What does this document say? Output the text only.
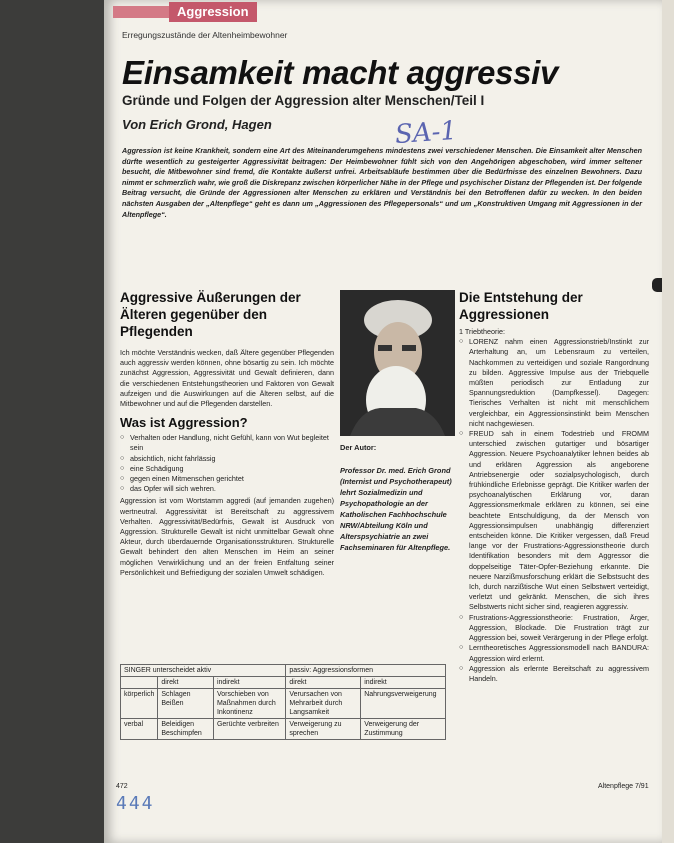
Aggression

Erregungszustände der Altenheimbewohner

Einsamkeit macht aggressiv

Gründe und Folgen der Aggression alter Menschen/Teil I

Von Erich Grond, Hagen	SA-1

Aggression ist keine Krankheit, sondern eine Art des Miteinanderumgehens mindestens zwei verschiedener Menschen. Die Einsamkeit alter Menschen dürfte wesentlich zu gesteigerter Aggressivität beitragen: Der Heimbewohner fühlt sich von den Angehörigen abgeschoben, wird immer seltener besucht, die Mitbewohner sind fremd, die Kontakte äußerst unfrei. Arbeitsabläufe bestimmen über die Bedürfnisse des einzelnen Bewohners. Dazu nimmt er schmerzlich wahr, wie groß die Diskrepanz zwischen körperlicher Nähe in der Pflege und psychischer Distanz der Pflegenden ist. Der folgende Beitrag versucht, die Gründe der Aggressionen alter Menschen zu erklären und Verständnis bei den Betroffenen dafür zu wecken. In den beiden nächsten Ausgaben der „Altenpflege“ geht es dann um „Aggressionen des Pflegepersonals“ und um „Konstruktiven Umgang mit Aggressionen in der Altenpflege“.

Aggressive Äußerungen der Älteren gegenüber den Pflegenden

Ich möchte Verständnis wecken, daß Ältere gegenüber Pflegenden auch aggressiv werden können, ohne bösartig zu sein. Ich möchte zunächst Aggression, Aggressivität und Gewalt definieren, dann die verschiedenen Entstehungstheorien und Faktoren von Gewalt aufzeigen und die Auswirkungen auf die Älteren selbst, auf die Mitbewohner und auf die Pflegenden darstellen.

Was ist Aggression?
○ Verhalten oder Handlung, nicht Gefühl, kann von Wut begleitet sein
○ absichtlich, nicht fahrlässig
○ eine Schädigung
○ gegen einen Mitmenschen gerichtet
○ das Opfer will sich wehren.

Aggression ist vom Wortstamm aggredi (auf jemanden zugehen) wertneutral. Aggressivität ist Bereitschaft zu aggressivem Verhalten. Aggressivität/Bedürfnis, Gewalt ist Ausdruck von Aggression. Strukturelle Gewalt ist nicht unmittelbar Gewalt ohne Akteur, durch überdauernde Organisationsstrukturen. Strukturelle Gewalt behindert den alten Menschen im Heim an seiner möglichen Verwirklichung und an der freien Entfaltung seiner Persönlichkeit und Befriedigung der sozialen Umwelt schädigen.

Der Autor:
Professor Dr. med. Erich Grond (Internist und Psychotherapeut) lehrt Sozialmedizin und Psychopathologie an der Katholischen Fachhochschule NRW/Abteilung Köln und Alterspsychiatrie an zwei Fachseminaren für Altenpflege.

Die Entstehung der Aggressionen
1 Triebtheorie:
○ LORENZ nahm einen Aggressionstrieb/Instinkt zur Arterhaltung an, um Lebensraum zu verteilen, Nachkommen zu verteidigen und soziale Rangordnung zu bilden. Aggressive Impulse aus der Triebquelle müßten periodisch zur Entladung zur Spannungsreduktion (Dampfkessel). Dagegen: Tierisches Verhalten ist nicht mit menschlichem vergleichbar, ein Aggressionsinstinkt beim Menschen nicht nachgewiesen.
○ FREUD sah in einem Todestrieb und FROMM unterschied zwischen gutartiger und bösartiger Aggression. Neuere Psychoanalytiker lehnen beides ab und erklären Aggression als angeborene Antriebsenergie oder sozialpsychologisch, durch frühkindliche Erlebnisse geprägt. Die Kritiker warfen der psychoanalytischen Erklärung vor, daran Aggressionsmerkmale erklären zu können, sei eine beachtete Entschuldigung, da der Mensch von Aggressionsimpulsen unabhängig differenziert entscheiden könne. Die Kritiker vergessen, daß Freud lange vor der Frustrations-Aggressionstheorie durch Identifikation besonders mit dem Aggressor die doppelseitige Täter-Opfer-Beziehung erkannte. Die neuere Narzißmusforschung erklärt die Selbstsucht des Ich, durch narzißtische Wut einen Selbstwert verteidigt, verletzt und gekränkt. Menschen, die sich ihres Selbstwerts nicht sicher sind, reagieren aggressiv.
○ Frustrations-Aggressionstheorie: Frustration, Ärger, Aggression, Blockade. Die Frustration trägt zur Aggression bei, soweit Verärgerung in der Pflege erfolgt.
○ Lerntheoretisches Aggressionsmodell nach BANDURA: Aggression wird erlernt.
○ Aggression als erlernte Bereitschaft zu aggressivem Handeln.
SINGER unterscheidet aktiv			passiv: Aggressionsformen	
	direkt	indirekt	direkt	indirekt
körperlich	Schlagen Beißen	Vorschieben von Maßnahmen durch Inkontinenz	Verursachen von Mehrarbeit durch Langsamkeit	Nahrungsverweigerung
verbal	Beleidigen Beschimpfen	Gerüchte verbreiten	Verweigerung zu sprechen	Verweigerung der Zustimmung

472	Altenpflege 7/91

444
